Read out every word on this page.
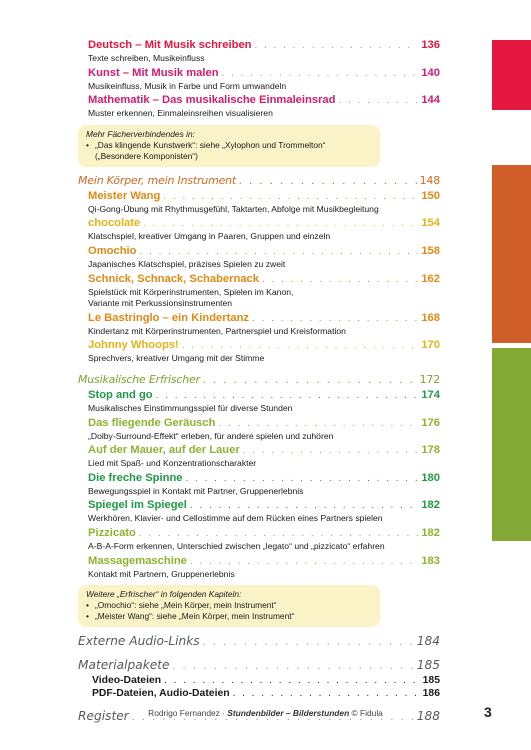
Deutsch – Mit Musik schreiben . . .	136
Texte schreiben, Musikeinfluss
Kunst – Mit Musik malen . . .	140
Musikeinfluss, Musik in Farbe und Form umwandeln
Mathematik – Das musikalische Einmaleinsrad . . .	144
Muster erkennen, Einmaleinsreihen visualisieren
Mehr Fächerverbindendes in:
• „Das klingende Kunstwerk“: siehe „Xylophon und Trommelton“
(„Besondere Komponisten“)
Mein Körper, mein Instrument . . .	148
Meister Wang . . .	150
Qi-Gong-Übung mit Rhythmusgefühl, Taktarten, Abfolge mit Musikbegleitung
chocolate . . .	154
Klatschspiel, kreativer Umgang in Paaren, Gruppen und einzeln
Omochio . . .	158
Japanisches Klatschspiel, präzises Spielen zu zweit
Schnick, Schnack, Schabernack . . .	162
Spielstück mit Körperinstrumenten, Spielen im Kanon,
Variante mit Perkussionsinstrumenten
Le Bastringlo – ein Kindertanz . . .	168
Kindertanz mit Körperinstrumenten, Partnerspiel und Kreisformation
Johnny Whoops! . . .	170
Sprechvers, kreativer Umgang mit der Stimme
Musikalische Erfrischer . . .	172
Stop and go . . .	174
Musikalisches Einstimmungsspiel für diverse Stunden
Das fliegende Geräusch . . .	176
„Dolby-Surround-Effekt“ erleben, für andere spielen und zuhören
Auf der Mauer, auf der Lauer . . .	178
Lied mit Spaß- und Konzentrationscharakter
Die freche Spinne . . .	180
Bewegungsspiel in Kontakt mit Partner, Gruppenerlebnis
Spiegel im Spiegel . . .	182
Werkhören, Klavier- und Cellostimme auf dem Rücken eines Partners spielen
Pizzicato . . .	182
A-B-A-Form erkennen, Unterschied zwischen „legato“ und „pizzicato“ erfahren
Massagemaschine . . .	183
Kontakt mit Partnern, Gruppenerlebnis
Weitere „Erfrischer“ in folgenden Kapiteln:
• „Omochio“: siehe „Mein Körper, mein Instrument“
• „Meister Wang“: siehe „Mein Körper, mein Instrument“
Externe Audio-Links . . .	184
Materialpakete . . .	185
Video-Dateien . . .	185
PDF-Dateien, Audio-Dateien . . .	186
Register . . .	188
Rodrigo Fernandez · Stundenbilder – Bilderstunden © Fidula	3
